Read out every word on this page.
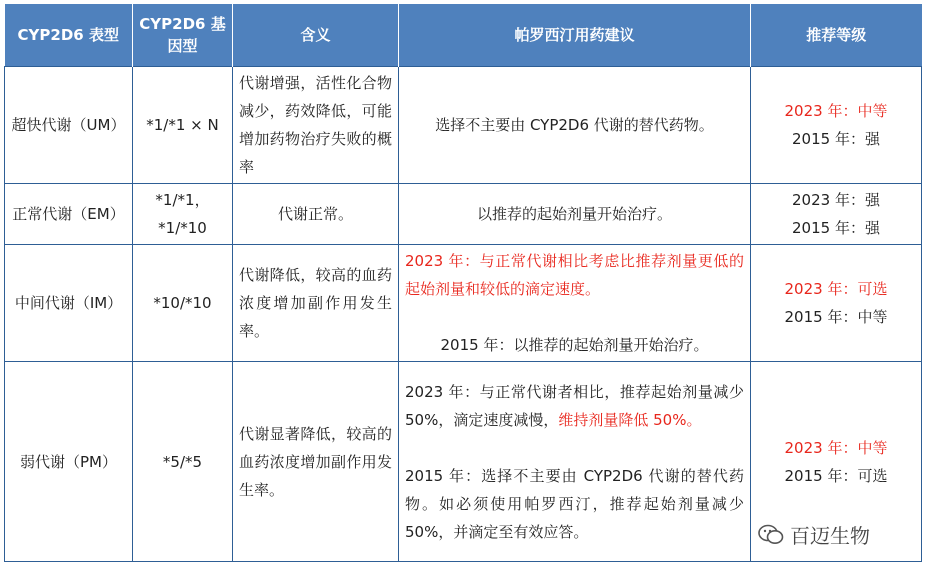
CYP2D6 表型	CYP2D6 基因型	含义	帕罗西汀用药建议	推荐等级
超快代谢（UM）	*1/*1 × N	代谢增强，活性化合物减少，药效降低，可能增加药物治疗失败的概率	选择不主要由 CYP2D6 代谢的替代药物。	2023 年：中等
2015 年：强

正常代谢（EM）	*1/*1，*1/*10	代谢正常。	以推荐的起始剂量开始治疗。	2023 年：强
2015 年：强

中间代谢（IM）	*10/*10	代谢降低，较高的血药浓度增加副作用发生率。	2023 年：与正常代谢相比考虑比推荐剂量更低的起始剂量和较低的滴定速度。
2015 年：以推荐的起始剂量开始治疗。	2023 年：可选
2015 年：中等

弱代谢（PM）	*5/*5	代谢显著降低，较高的血药浓度增加副作用发生率。	2023 年：与正常代谢者相比，推荐起始剂量减少 50%，滴定速度减慢，维持剂量降低 50%。
2015 年：选择不主要由 CYP2D6 代谢的替代药物。如必须使用帕罗西汀，推荐起始剂量减少 50%，并滴定至有效应答。	2023 年：中等
2015 年：可选
百迈生物
